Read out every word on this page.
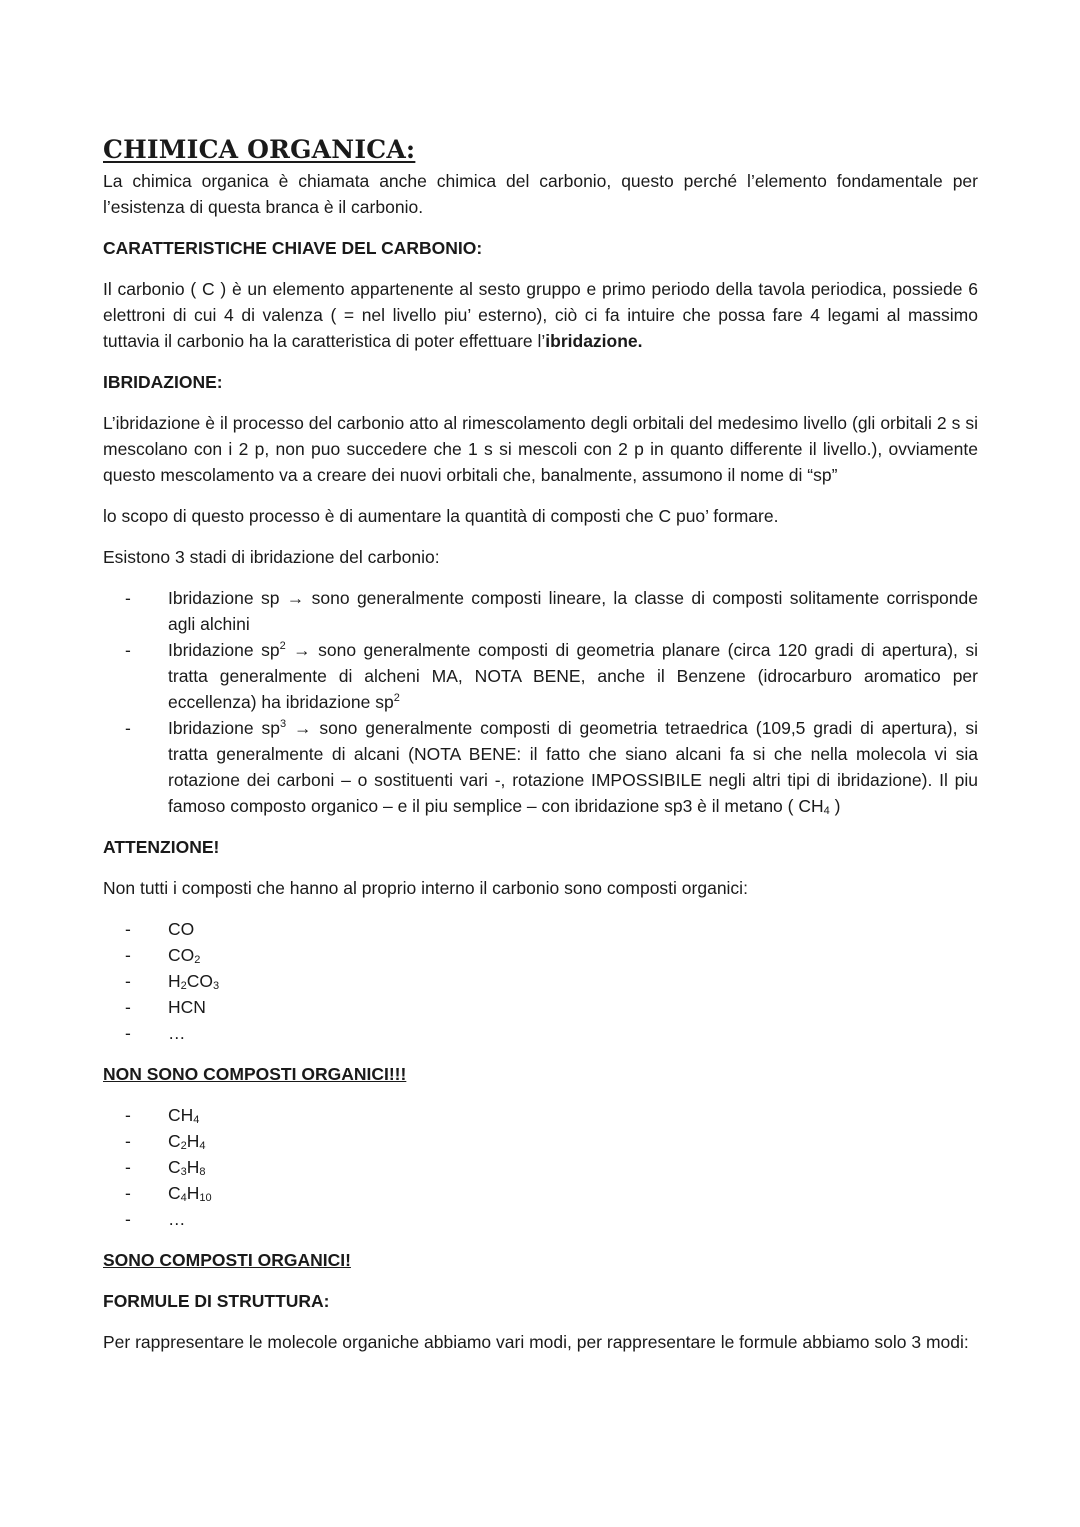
CHIMICA ORGANICA:

La chimica organica è chiamata anche chimica del carbonio, questo perché l’elemento fondamentale per l’esistenza di questa branca è il carbonio.

CARATTERISTICHE CHIAVE DEL CARBONIO:

Il carbonio ( C ) è un elemento appartenente al sesto gruppo e primo periodo della tavola periodica, possiede 6 elettroni di cui 4 di valenza ( = nel livello piu’ esterno), ciò ci fa intuire che possa fare 4 legami al massimo tuttavia il carbonio ha la caratteristica di poter effettuare l’ibridazione.

IBRIDAZIONE:

L’ibridazione è il processo del carbonio atto al rimescolamento degli orbitali del medesimo livello (gli orbitali 2 s si mescolano con i 2 p, non puo succedere che 1 s si mescoli con 2 p in quanto differente il livello.), ovviamente questo mescolamento va a creare dei nuovi orbitali che, banalmente, assumono il nome di “sp”

lo scopo di questo processo è di aumentare la quantità di composti che C puo’ formare.

Esistono 3 stadi di ibridazione del carbonio:

- Ibridazione sp → sono generalmente composti lineare, la classe di composti solitamente corrisponde agli alchini
- Ibridazione $sp^2$ → sono generalmente composti di geometria planare (circa 120 gradi di apertura), si tratta generalmente di alcheni MA, NOTA BENE, anche il Benzene (idrocarburo aromatico per eccellenza) ha ibridazione $sp^2$
- Ibridazione $sp^3$ → sono generalmente composti di geometria tetraedrica (109,5 gradi di apertura), si tratta generalmente di alcani (NOTA BENE: il fatto che siano alcani fa si che nella molecola vi sia rotazione dei carboni – o sostituenti vari -, rotazione IMPOSSIBILE negli altri tipi di ibridazione). Il piu famoso composto organico – e il piu semplice – con ibridazione sp3 è il metano ( $CH_4$ )

ATTENZIONE!

Non tutti i composti che hanno al proprio interno il carbonio sono composti organici:

- CO
- $CO_2$
- $H_2CO_3$
- HCN
- …

NON SONO COMPOSTI ORGANICI!!!

- $CH_4$
- $C_2H_4$
- $C_3H_8$
- $C_4H_{10}$
- …

SONO COMPOSTI ORGANICI!

FORMULE DI STRUTTURA:

Per rappresentare le molecole organiche abbiamo vari modi, per rappresentare le formule abbiamo solo 3 modi:
